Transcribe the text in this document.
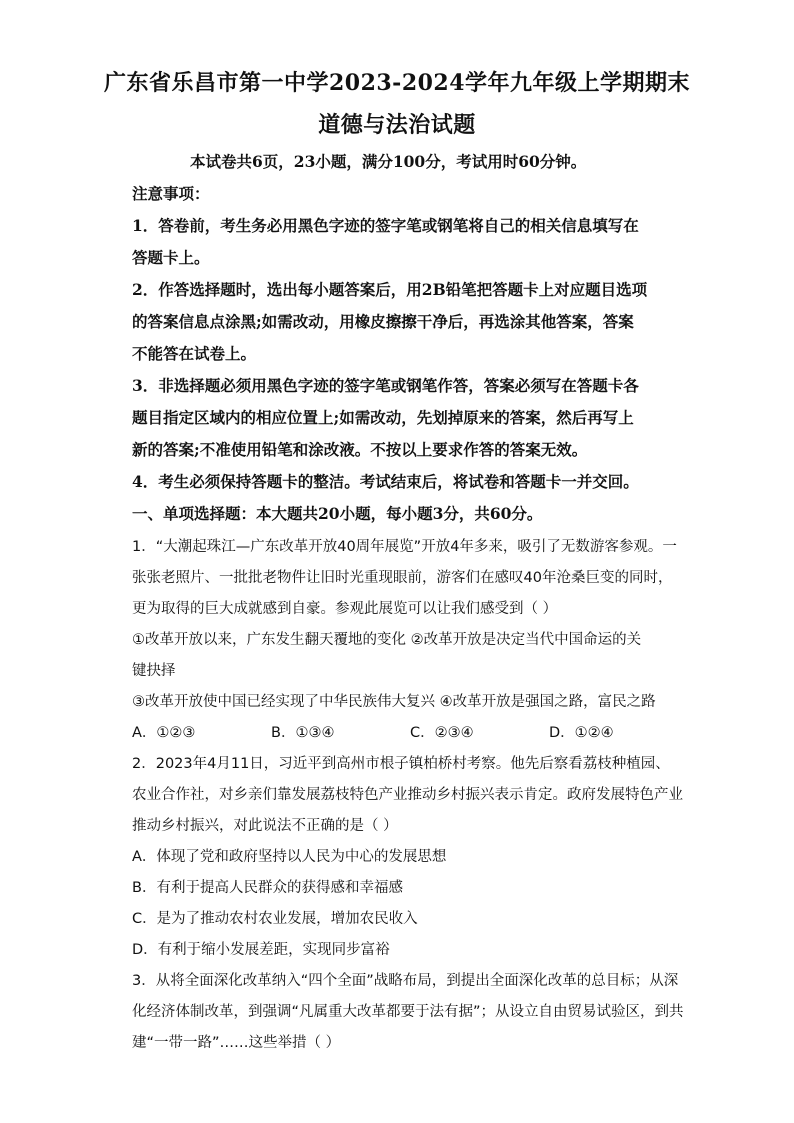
广东省乐昌市第一中学2023-2024学年九年级上学期期末
道德与法治试题
本试卷共6页，23小题，满分100分，考试用时60分钟。
注意事项：
1．答卷前，考生务必用黑色字迹的签字笔或钢笔将自己的相关信息填写在
答题卡上。
2．作答选择题时，选出每小题答案后，用2B铅笔把答题卡上对应题目选项
的答案信息点涂黑;如需改动，用橡皮擦擦干净后，再选涂其他答案，答案
不能答在试卷上。
3．非选择题必须用黑色字迹的签字笔或钢笔作答，答案必须写在答题卡各
题目指定区域内的相应位置上;如需改动，先划掉原来的答案，然后再写上
新的答案;不准使用铅笔和涂改液。不按以上要求作答的答案无效。
4．考生必须保持答题卡的整洁。考试结束后，将试卷和答题卡一并交回。
一、单项选择题：本大题共20小题，每小题3分，共60分。
1．“大潮起珠江—广东改革开放40周年展览”开放4年多来，吸引了无数游客参观。一
张张老照片、一批批老物件让旧时光重现眼前，游客们在感叹40年沧桑巨变的同时，
更为取得的巨大成就感到自豪。参观此展览可以让我们感受到（ ）
①改革开放以来，广东发生翻天覆地的变化 ②改革开放是决定当代中国命运的关
键抉择
③改革开放使中国已经实现了中华民族伟大复兴 ④改革开放是强国之路，富民之路
A．①②③	B．①③④	C．②③④	D．①②④
2．2023年4月11日，习近平到高州市根子镇柏桥村考察。他先后察看荔枝种植园、
农业合作社，对乡亲们靠发展荔枝特色产业推动乡村振兴表示肯定。政府发展特色产业
推动乡村振兴，对此说法不正确的是（ ）
A．体现了党和政府坚持以人民为中心的发展思想
B．有利于提高人民群众的获得感和幸福感
C．是为了推动农村农业发展，增加农民收入
D．有利于缩小发展差距，实现同步富裕
3．从将全面深化改革纳入“四个全面”战略布局，到提出全面深化改革的总目标；从深
化经济体制改革，到强调“凡属重大改革都要于法有据”；从设立自由贸易试验区，到共
建“一带一路”……这些举措（ ）
